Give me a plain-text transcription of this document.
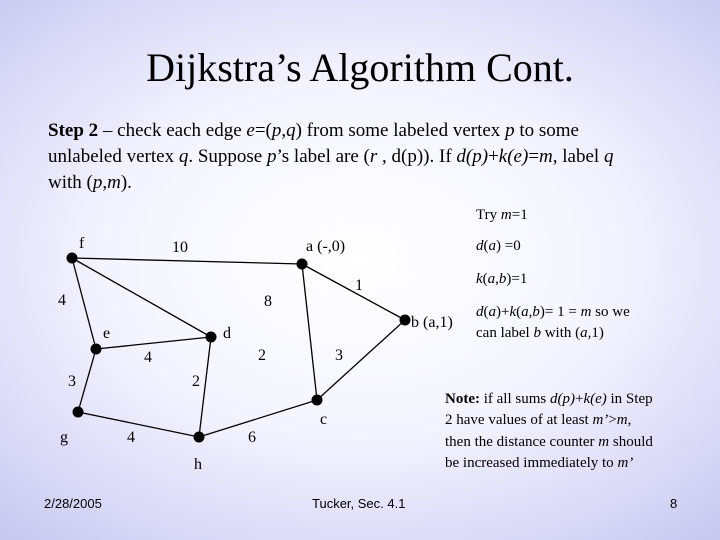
Dijkstra’s Algorithm Cont.
Step 2 – check each edge e=(p,q) from some labeled vertex p to some unlabeled vertex q. Suppose p’s label are (r , d(p)). If d(p)+k(e)=m, label q with (p,m).
10
1
4	8
4	2	3
3	2
4	6
f	a (-,0)
b (a,1)
e	d
c
g
h
Try m=1
d(a) =0
k(a,b)=1
d(a)+k(a,b)= 1 = m so we
can label b with (a,1)
Note: if all sums d(p)+k(e) in Step
2 have values of at least m’>m,
then the distance counter m should
be increased immediately to m’
2/28/2005	Tucker, Sec. 4.1	8
